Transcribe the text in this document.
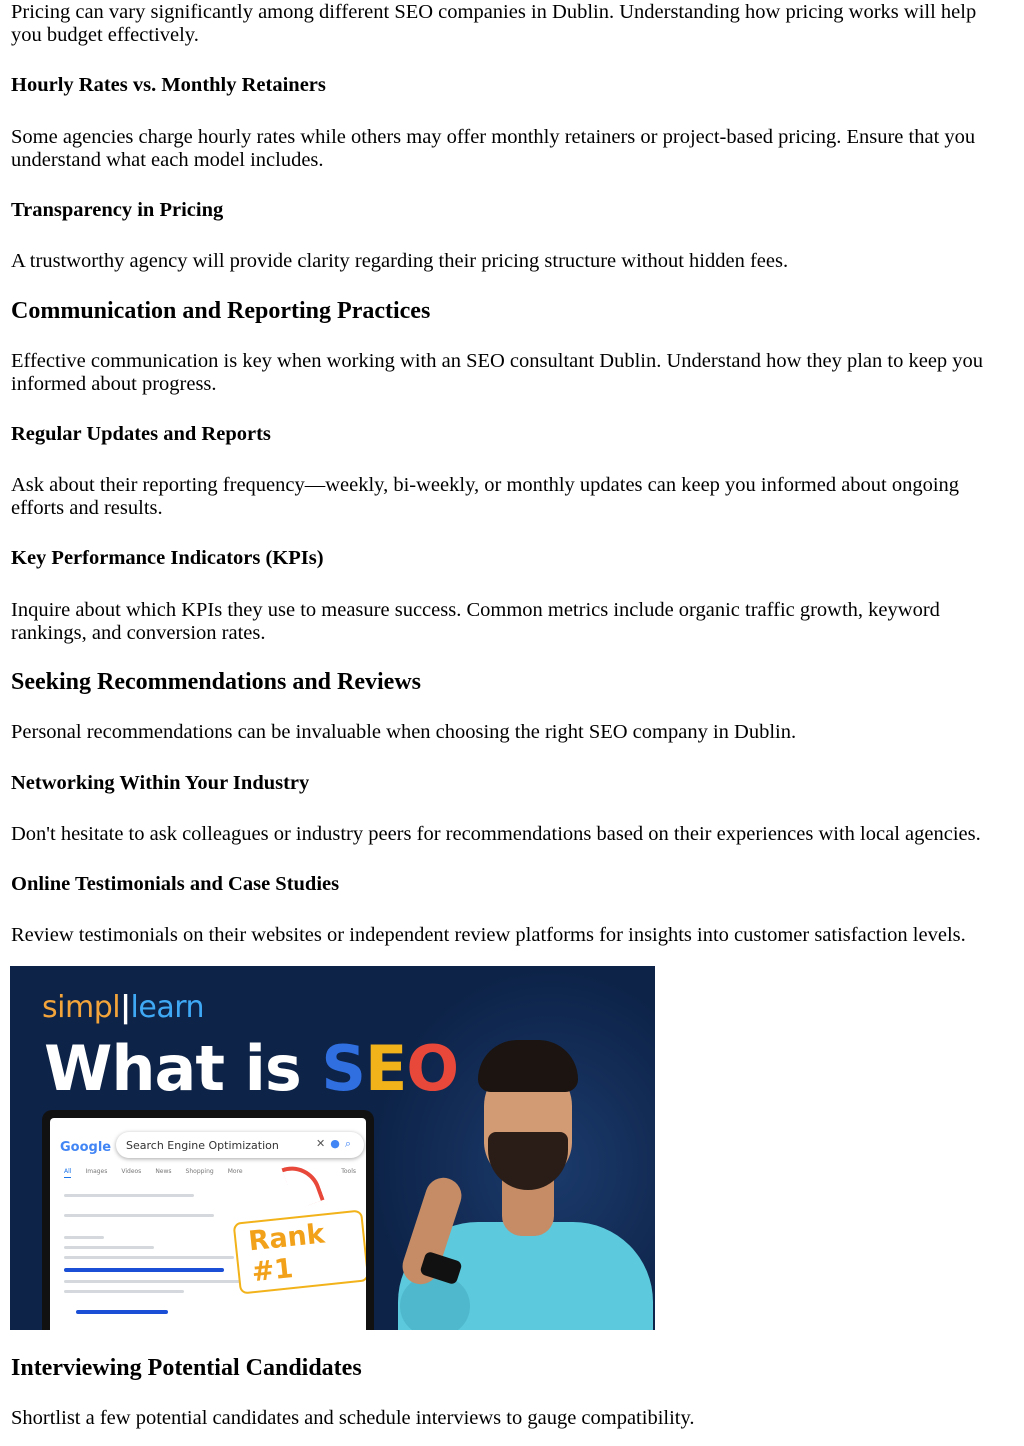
Pricing can vary significantly among different SEO companies in Dublin. Understanding how pricing works will help you budget effectively.

Hourly Rates vs. Monthly Retainers

Some agencies charge hourly rates while others may offer monthly retainers or project-based pricing. Ensure that you understand what each model includes.

Transparency in Pricing

A trustworthy agency will provide clarity regarding their pricing structure without hidden fees.

Communication and Reporting Practices

Effective communication is key when working with an SEO consultant Dublin. Understand how they plan to keep you informed about progress.

Regular Updates and Reports

Ask about their reporting frequency—weekly, bi-weekly, or monthly updates can keep you informed about ongoing efforts and results.

Key Performance Indicators (KPIs)

Inquire about which KPIs they use to measure success. Common metrics include organic traffic growth, keyword rankings, and conversion rates.

Seeking Recommendations and Reviews

Personal recommendations can be invaluable when choosing the right SEO company in Dublin.

Networking Within Your Industry

Don't hesitate to ask colleagues or industry peers for recommendations based on their experiences with local agencies.

Online Testimonials and Case Studies

Review testimonials on their websites or independent review platforms for insights into customer satisfaction levels.

Interviewing Potential Candidates

Shortlist a few potential candidates and schedule interviews to gauge compatibility.

simpl|learn
What is SEO
Google Search Engine Optimization	✕●⌕
All Images Videos News Shopping More	Tools
Rank #1
